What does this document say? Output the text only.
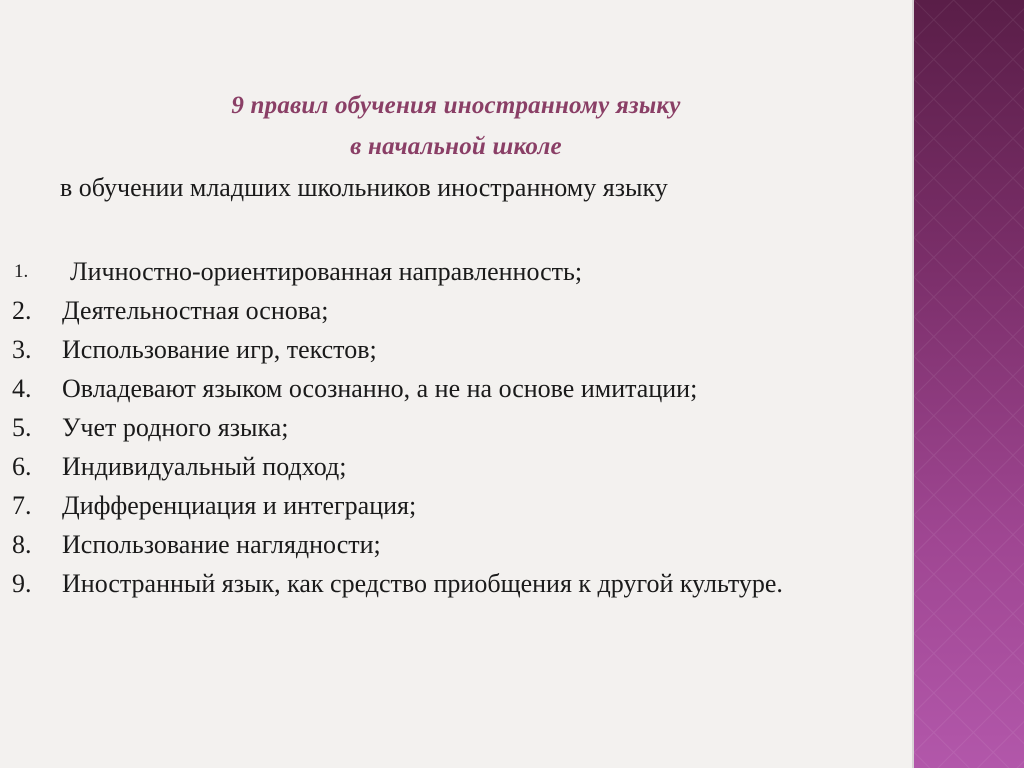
9 правил обучения иностранному языку
в начальной школе
в обучении младших школьников иностранному языку
1. Личностно-ориентированная направленность;
2. Деятельностная основа;
3. Использование игр, текстов;
4. Овладевают языком осознанно, а не на основе имитации;
5. Учет родного языка;
6. Индивидуальный подход;
7. Дифференциация и интеграция;
8. Использование наглядности;
9. Иностранный язык, как средство приобщения к другой культуре.
